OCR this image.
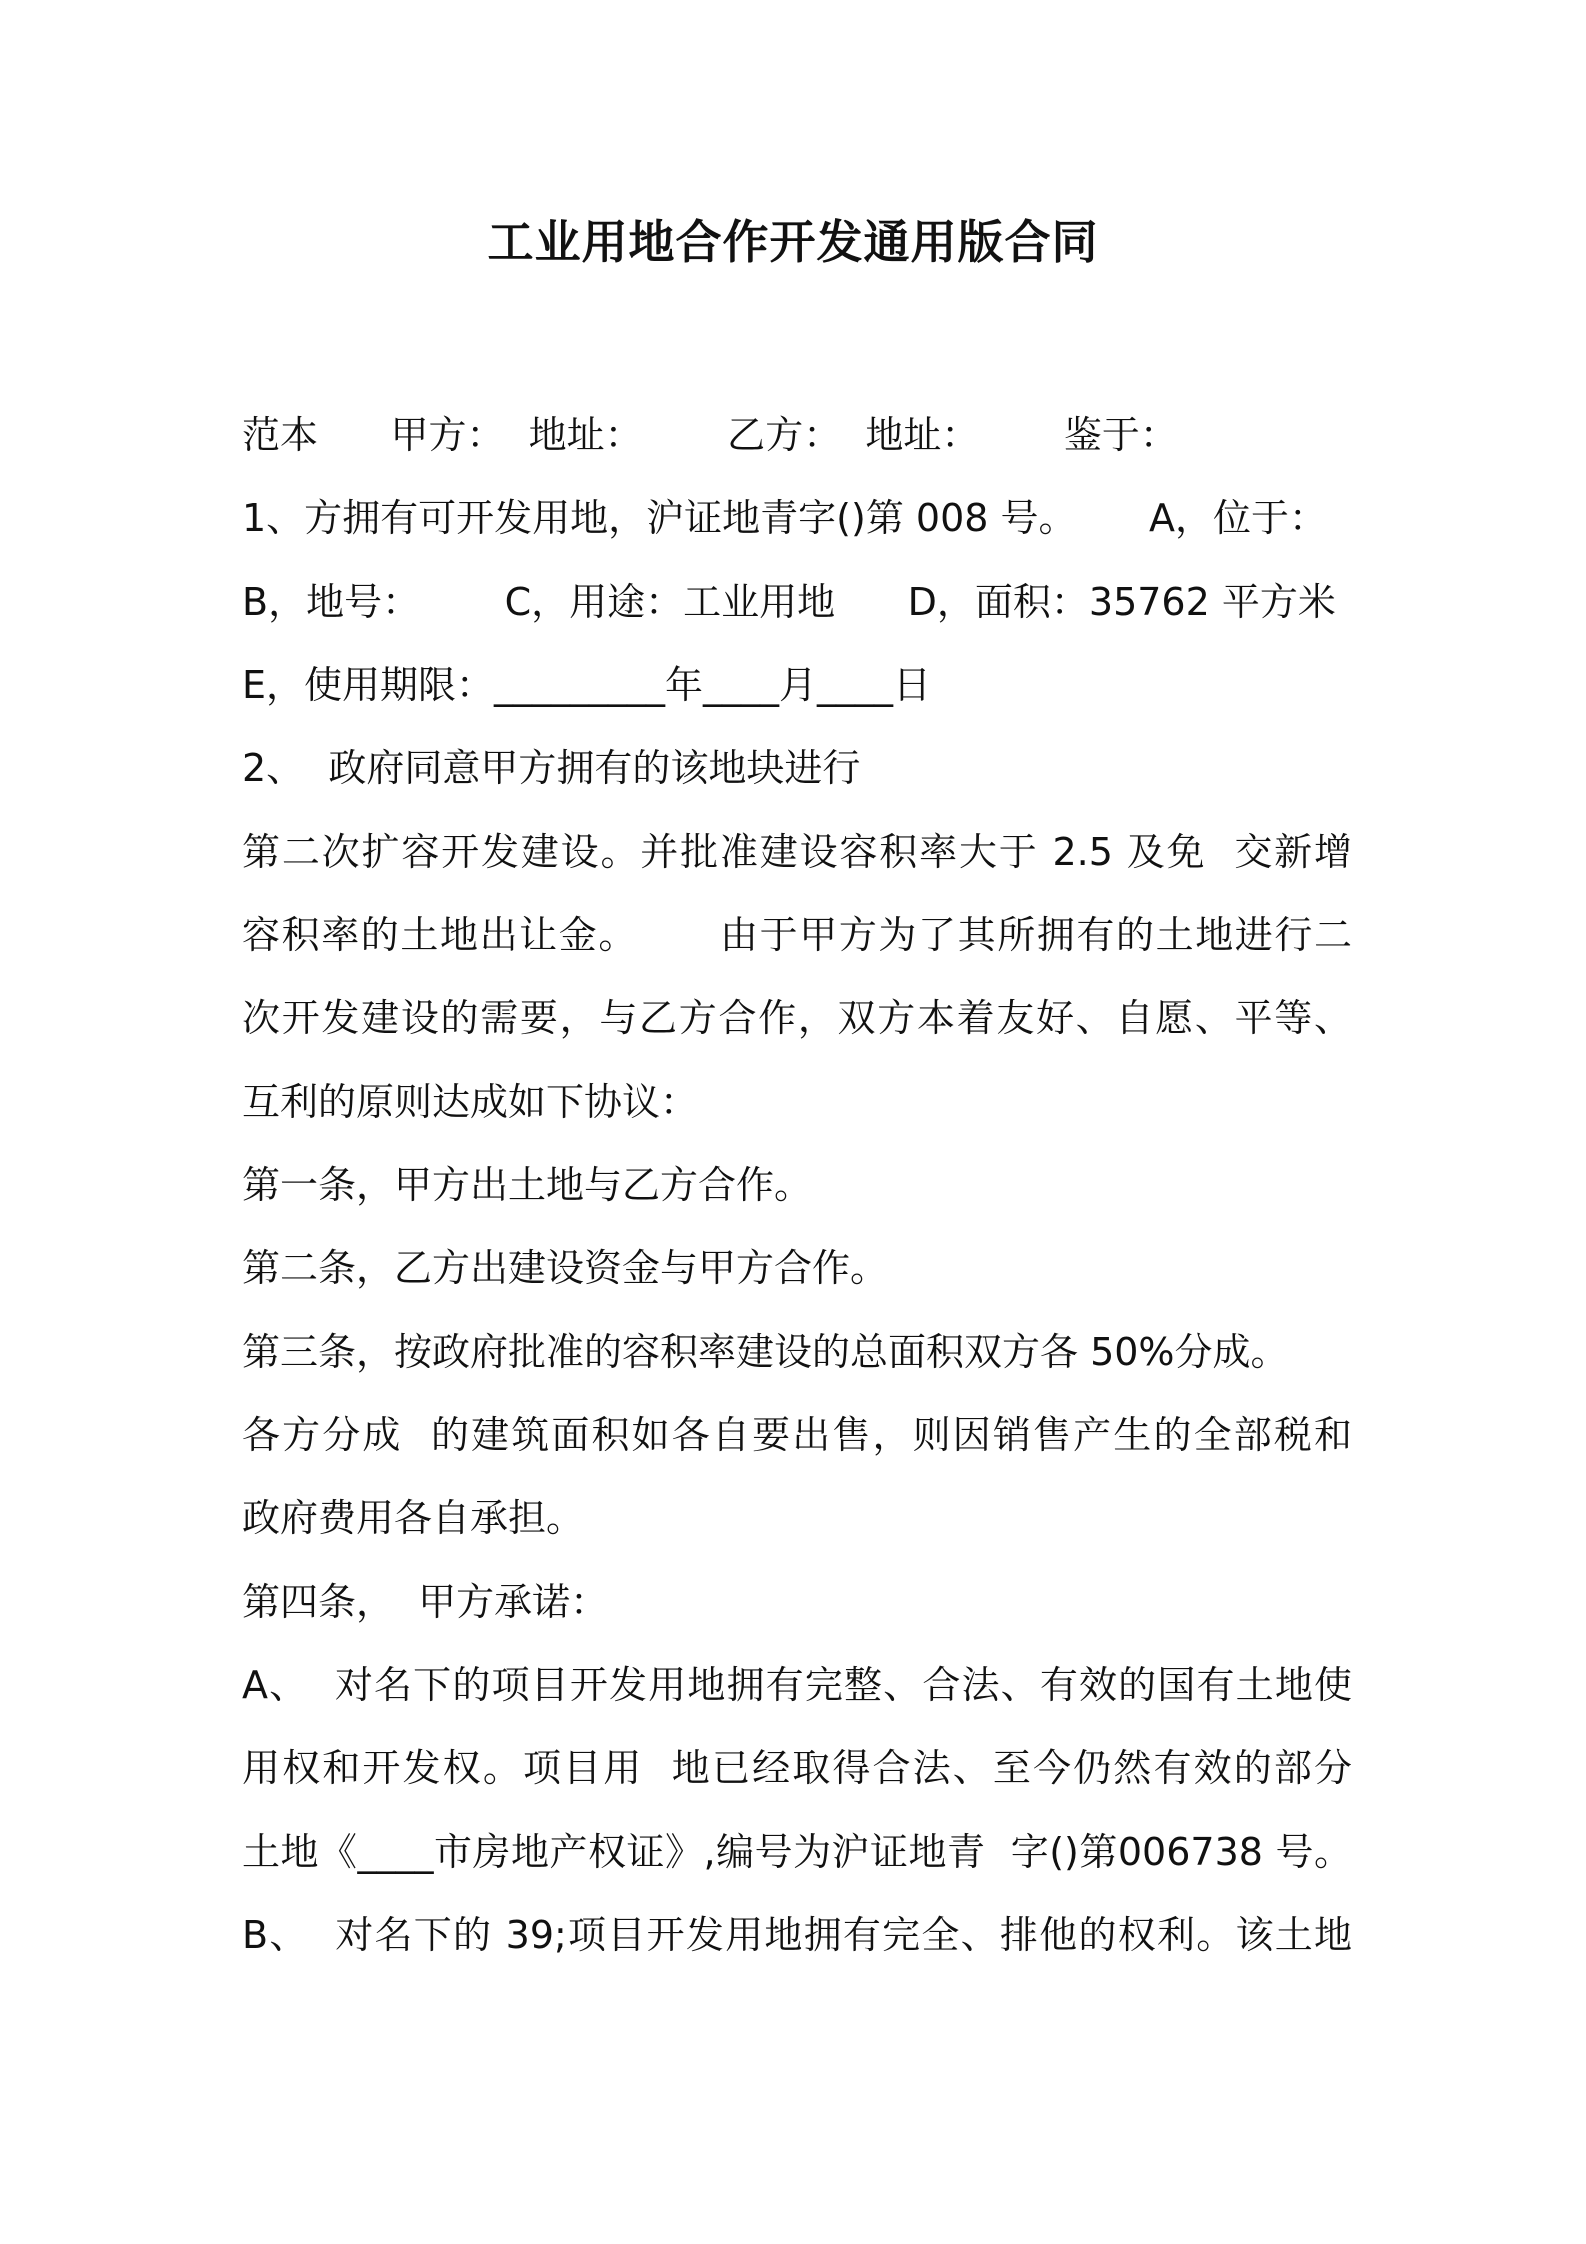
工业用地合作开发通用版合同
范本      甲方：  地址：       乙方：  地址：       鉴于：
1、方拥有可开发用地，沪证地青字()第 008 号。      A，位于：
B，地号：       C，用途：工业用地      D，面积：35762 平方米
E，使用期限：_________年____月____日
2、  政府同意甲方拥有的该地块进行
第二次扩容开发建设。并批准建设容积率大于 2.5 及免  交新增
容积率的土地出让金。      由于甲方为了其所拥有的土地进行二
次开发建设的需要，与乙方合作，双方本着友好、自愿、平等、
互利的原则达成如下协议：
第一条，甲方出土地与乙方合作。
第二条，乙方出建设资金与甲方合作。
第三条，按政府批准的容积率建设的总面积双方各 50%分成。
各方分成  的建筑面积如各自要出售，则因销售产生的全部税和
政府费用各自承担。
第四条，  甲方承诺：
A、  对名下的项目开发用地拥有完整、合法、有效的国有土地使
用权和开发权。项目用  地已经取得合法、至今仍然有效的部分
土地《____市房地产权证》,编号为沪证地青  字()第006738 号。
B、  对名下的 39;项目开发用地拥有完全、排他的权利。该土地
